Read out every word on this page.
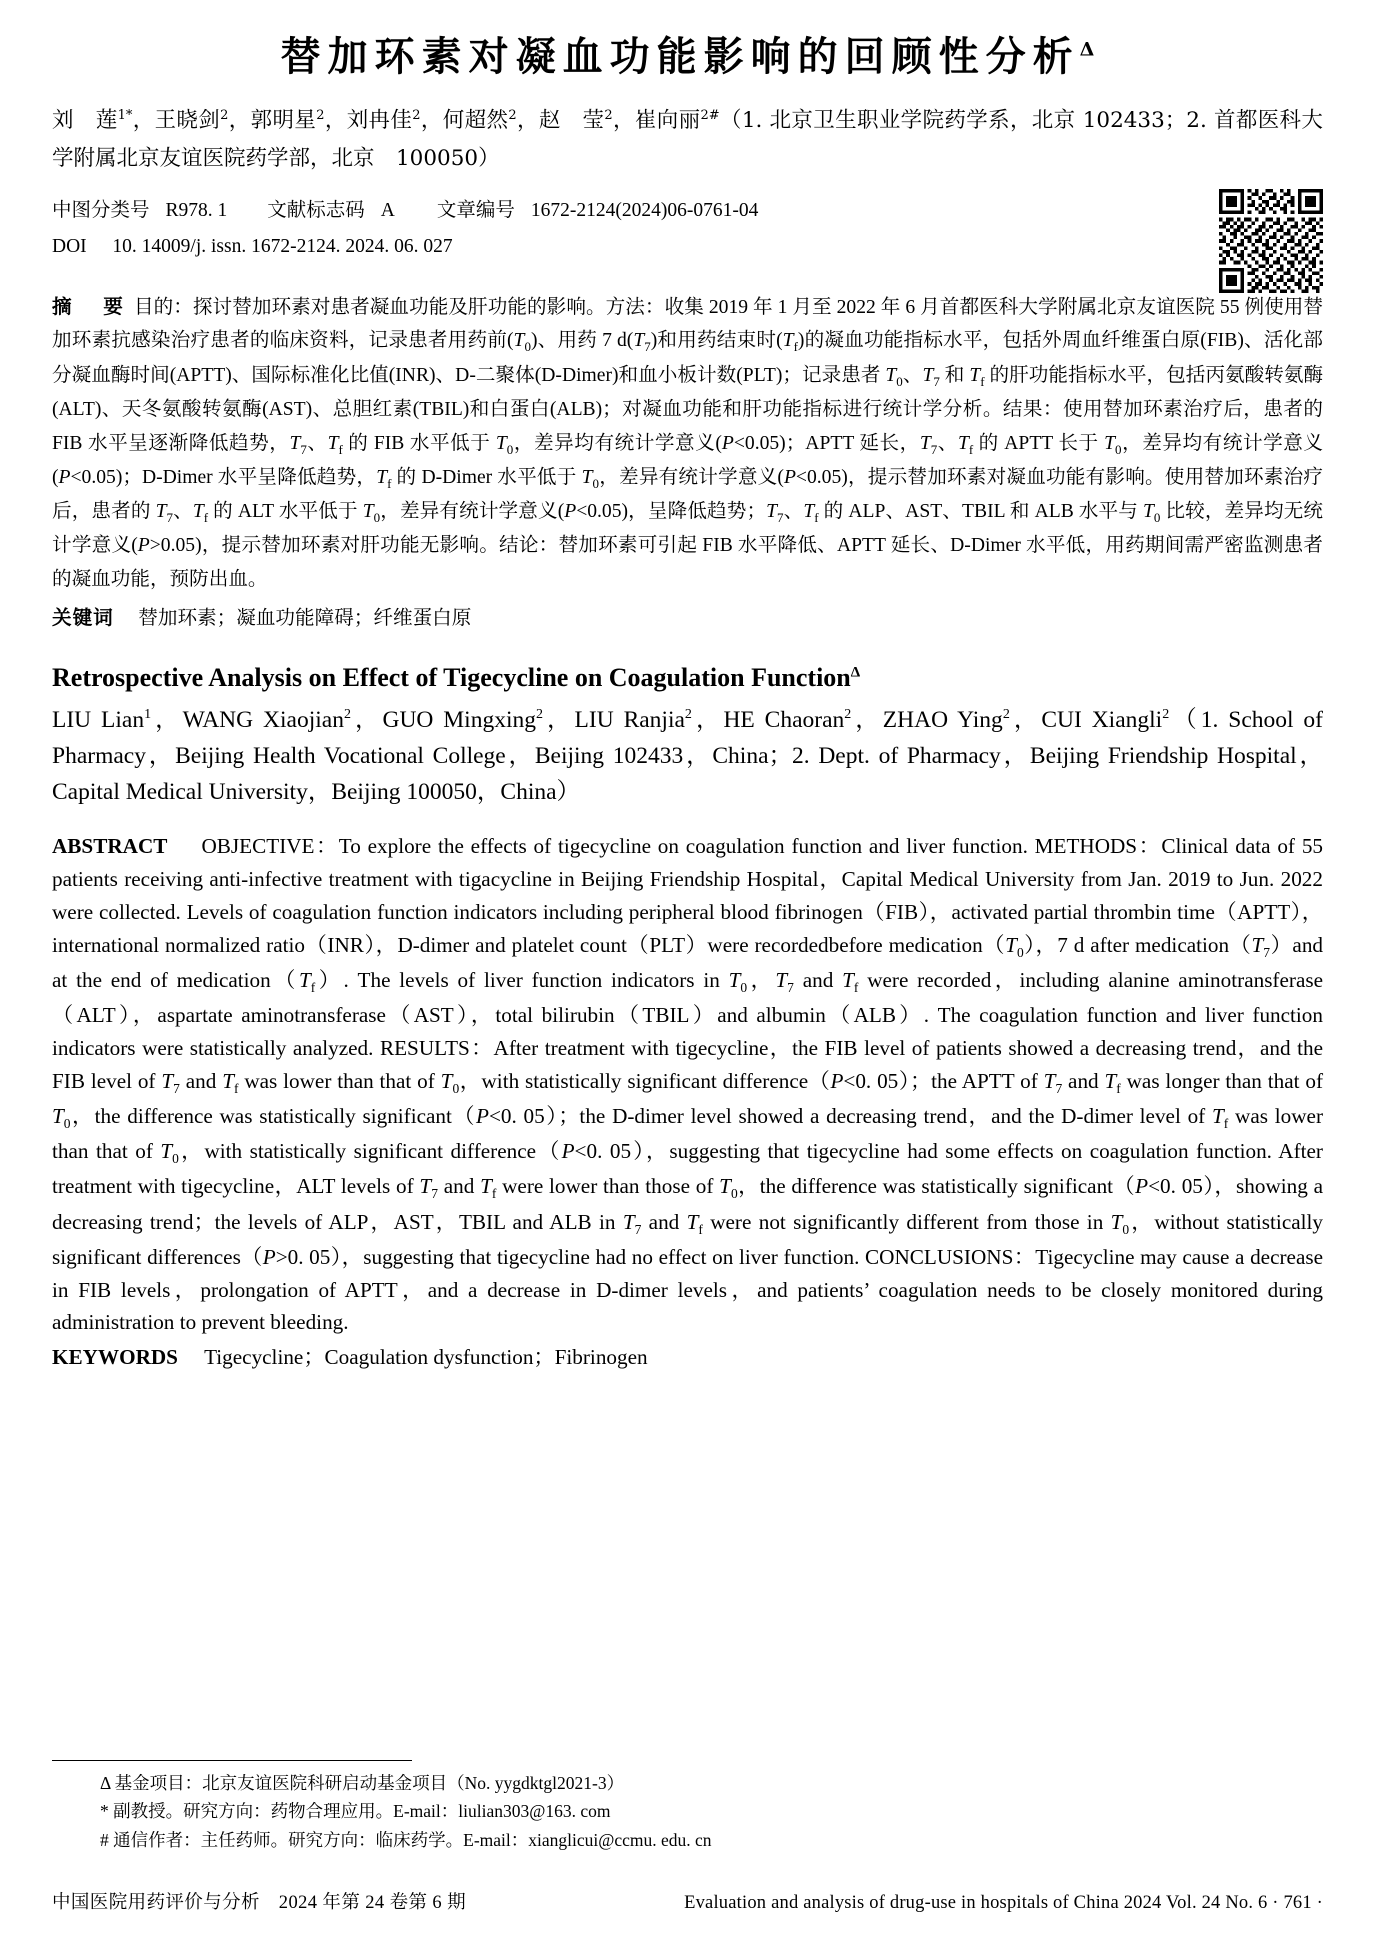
替加环素对凝血功能影响的回顾性分析$^\Delta$
刘　莲$^{1*}$，王晓剑$^2$，郭明星$^2$，刘冉佳$^2$，何超然$^2$，赵　莹$^2$，崔向丽$^{2\#}$（1. 北京卫生职业学院药学系，北京 102433；2. 首都医科大学附属北京友谊医院药学部，北京　100050）
中图分类号 R978. 1 文献标志码 A 文章编号 1672-2124(2024)06-0761-04
DOI 10. 14009/j. issn. 1672-2124. 2024. 06. 027
摘　要 目的：探讨替加环素对患者凝血功能及肝功能的影响。方法：收集 2019 年 1 月至 2022 年 6 月首都医科大学附属北京友谊医院 55 例使用替加环素抗感染治疗患者的临床资料，记录患者用药前$(T_0)$、用药 7 $d(T_7)$和用药结束时$(T_f)$的凝血功能指标水平，包括外周血纤维蛋白原(FIB)、活化部分凝血酶时间(APTT)、国际标准化比值(INR)、D-二聚体(D-Dimer)和血小板计数(PLT)；记录患者 $T_0$、$T_7$ 和 $T_f$ 的肝功能指标水平，包括丙氨酸转氨酶(ALT)、天冬氨酸转氨酶(AST)、总胆红素(TBIL)和白蛋白(ALB)；对凝血功能和肝功能指标进行统计学分析。结果：使用替加环素治疗后，患者的 FIB 水平呈逐渐降低趋势，$T_7$、$T_f$ 的 FIB 水平低于 $T_0$，差异均有统计学意义(P<0.05)；APTT 延长，$T_7$、$T_f$ 的 APTT 长于 $T_0$，差异均有统计学意义(P<0.05)；D-Dimer 水平呈降低趋势，$T_f$ 的 D-Dimer 水平低于 $T_0$，差异有统计学意义(P<0.05)，提示替加环素对凝血功能有影响。使用替加环素治疗后，患者的 $T_7$、$T_f$ 的 ALT 水平低于 $T_0$，差异有统计学意义(P<0.05)，呈降低趋势；$T_7$、$T_f$ 的 ALP、AST、TBIL 和 ALB 水平与 $T_0$ 比较，差异均无统计学意义(P>0.05)，提示替加环素对肝功能无影响。结论：替加环素可引起 FIB 水平降低、APTT 延长、D-Dimer 水平低，用药期间需严密监测患者的凝血功能，预防出血。
关键词 替加环素；凝血功能障碍；纤维蛋白原
Retrospective Analysis on Effect of Tigecycline on Coagulation Function$^\Delta$
LIU Lian$^1$，WANG Xiaojian$^2$，GUO Mingxing$^2$，LIU Ranjia$^2$，HE Chaoran$^2$，ZHAO Ying$^2$，CUI Xiangli$^2$（1. School of Pharmacy，Beijing Health Vocational College，Beijing 102433，China；2. Dept. of Pharmacy，Beijing Friendship Hospital，Capital Medical University，Beijing 100050，China）
ABSTRACT OBJECTIVE：To explore the effects of tigecycline on coagulation function and liver function. METHODS：Clinical data of 55 patients receiving anti-infective treatment with tigacycline in Beijing Friendship Hospital，Capital Medical University from Jan. 2019 to Jun. 2022 were collected. Levels of coagulation function indicators including peripheral blood fibrinogen（FIB），activated partial thrombin time（APTT），international normalized ratio（INR），D-dimer and platelet count（PLT）were recordedbefore $medication(T_0)$，7 d after $medication(T_7)and$ at the end of $medication(T_f)$. The levels of liver function indicators in $T_0$，$T_7$ and $T_f$ were recorded，including alanine aminotransferase（ALT），aspartate aminotransferase（AST），total bilirubin（TBIL）and albumin（ALB）. The coagulation function and liver function indicators were statistically analyzed. RESULTS：After treatment with tigecycline，the FIB level of patients showed a decreasing trend，and the FIB level of $T_7$ and $T_f$ was lower than that of $T_0$，with statistically significant difference（P<0. 05）；the APTT of $T_7$ and $T_f$ was longer than that of $T_0$，the difference was statistically significant（P<0. 05）；the D-dimer level showed a decreasing trend，and the D-dimer level of $T_f$ was lower than that of $T_0$，with statistically significant difference（P<0. 05），suggesting that tigecycline had some effects on coagulation function. After treatment with tigecycline，ALT levels of $T_7$ and $T_f$ were lower than those of $T_0$，the difference was statistically significant（P<0. 05），showing a decreasing trend；the levels of ALP，AST，TBIL and ALB in $T_7$ and $T_f$ were not significantly different from those in $T_0$，without statistically significant differences（P>0. 05），suggesting that tigecycline had no effect on liver function. CONCLUSIONS：Tigecycline may cause a decrease in FIB levels，prolongation of APTT，and a decrease in D-dimer levels，and patients’ coagulation needs to be closely monitored during administration to prevent bleeding.
KEYWORDS Tigecycline；Coagulation dysfunction；Fibrinogen
Δ 基金项目：北京友谊医院科研启动基金项目（No. yygdktgl2021-3）
* 副教授。研究方向：药物合理应用。E-mail：liulian303@163. com
# 通信作者：主任药师。研究方向：临床药学。E-mail：xianglicui@ccmu. edu. cn
中国医院用药评价与分析　2024 年第 24 卷第 6 期	Evaluation and analysis of drug-use in hospitals of China 2024 Vol. 24 No. 6 · 761 ·
